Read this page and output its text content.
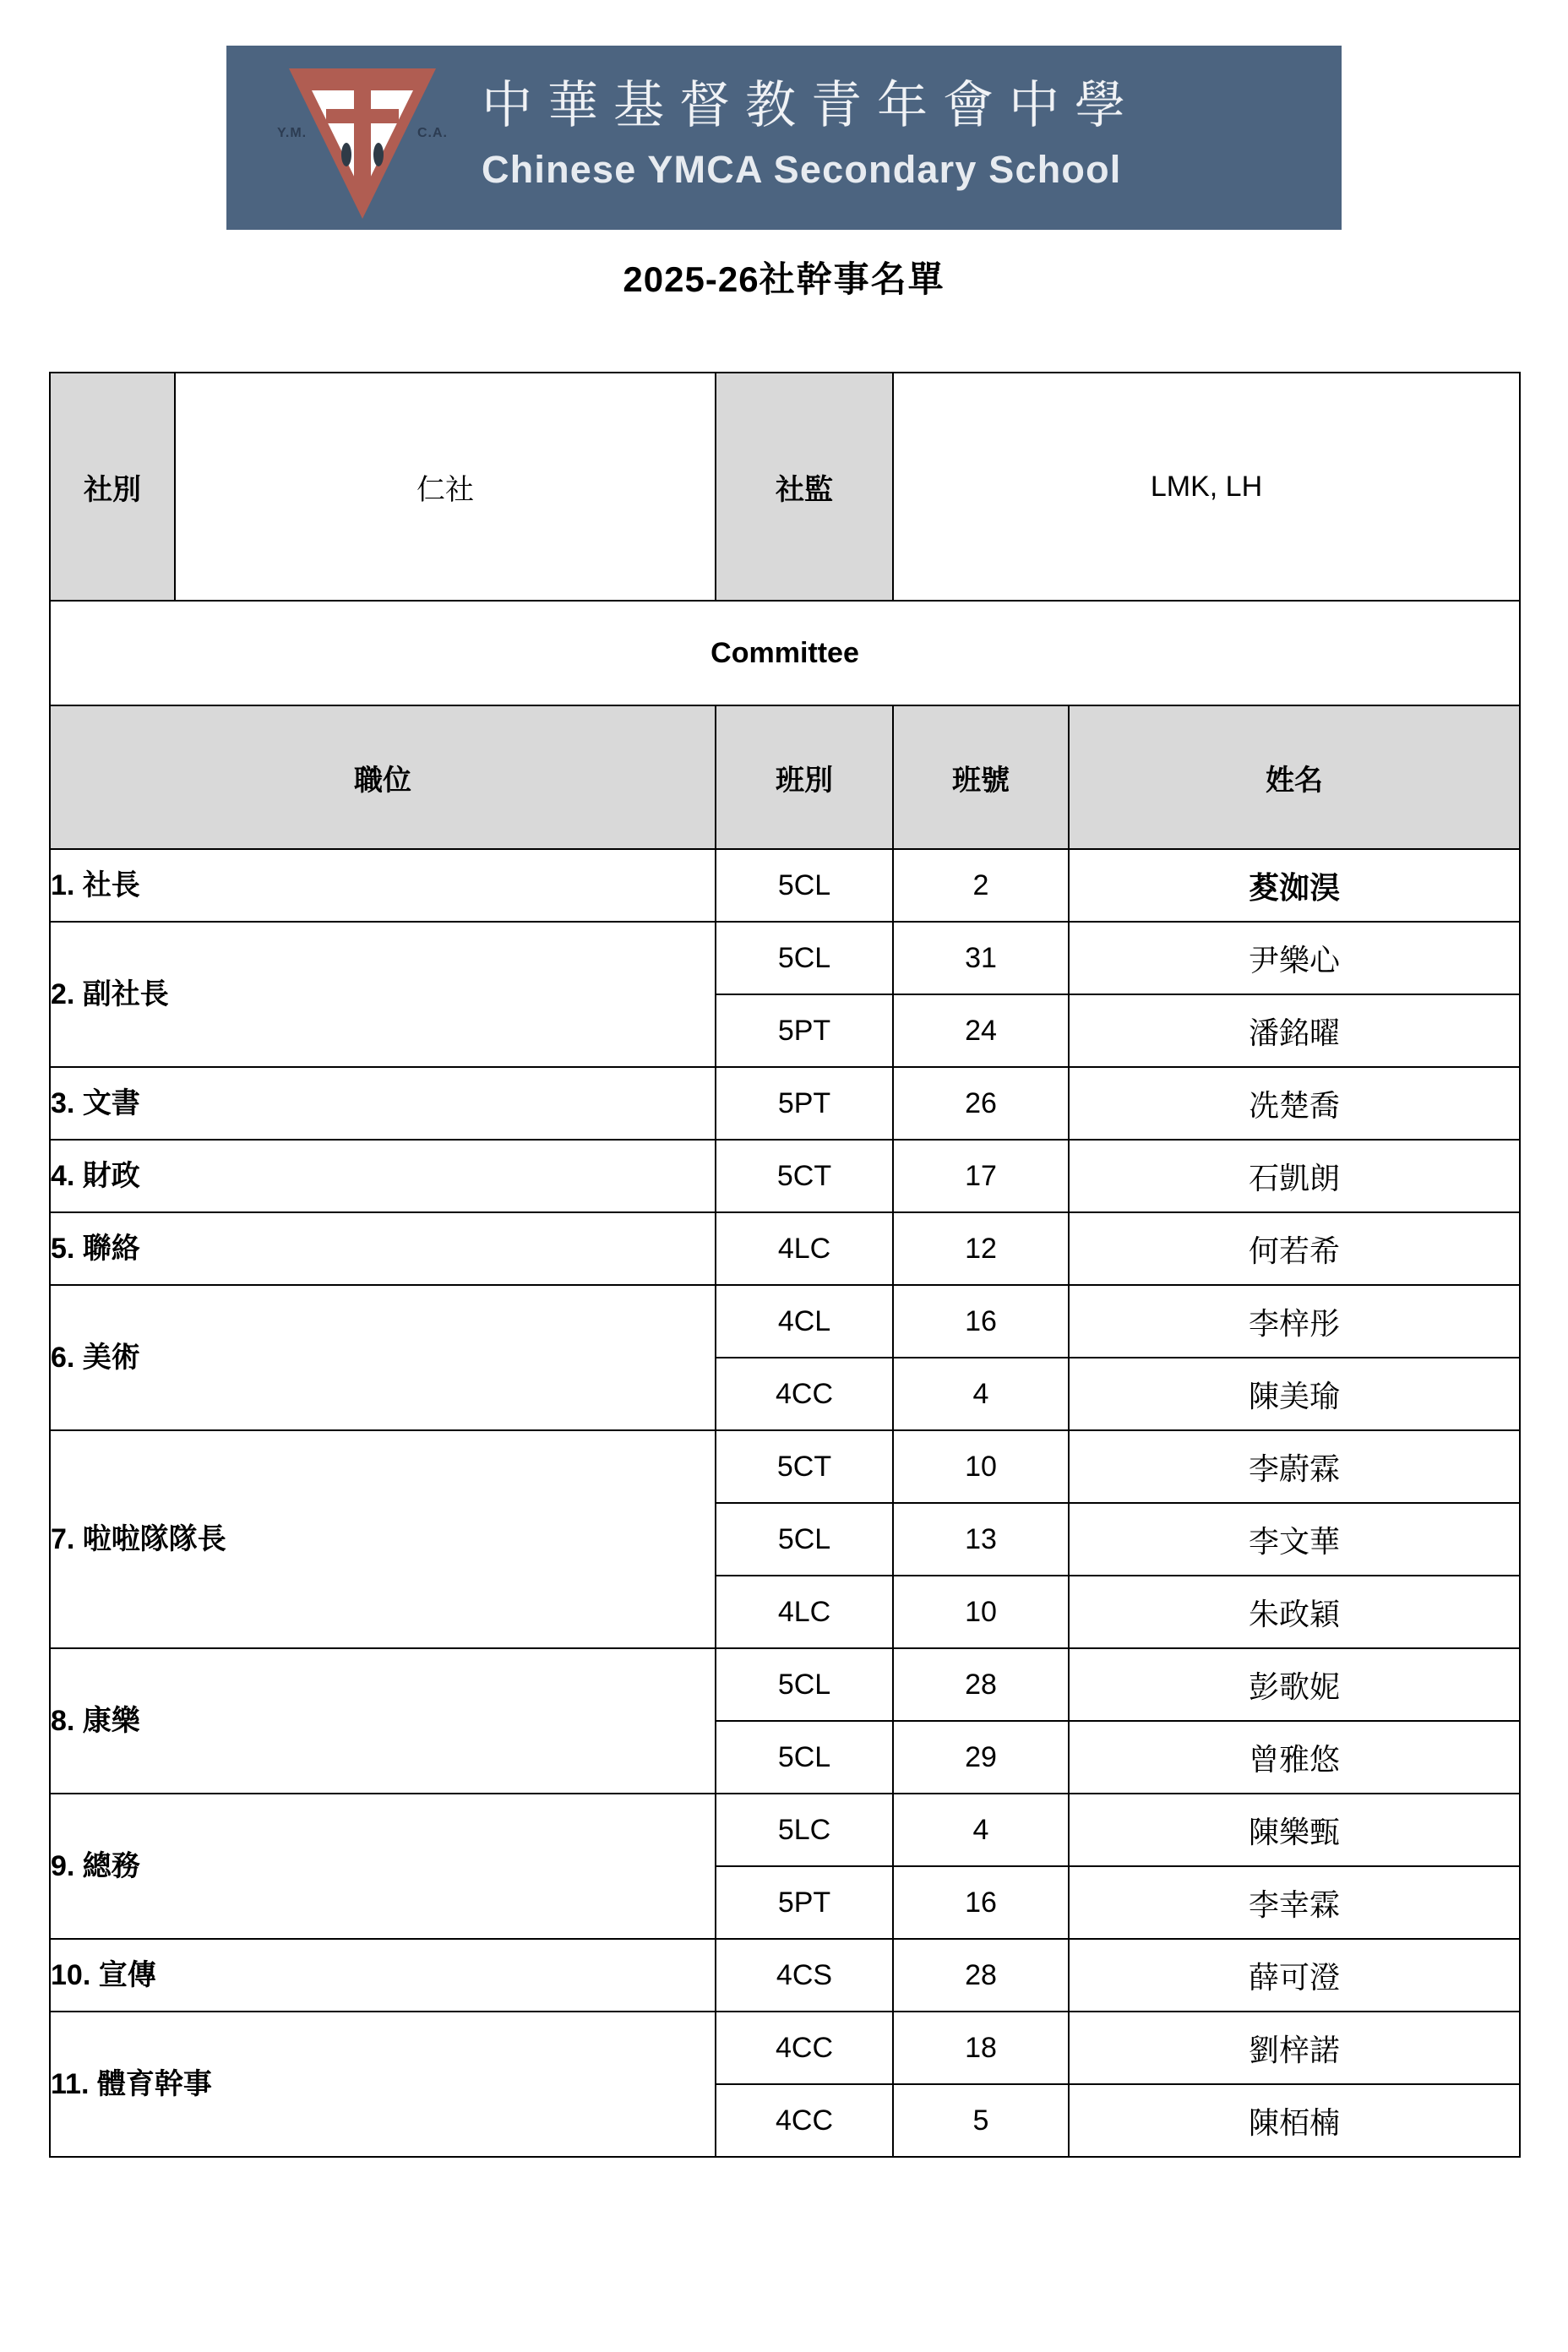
Y.M.	C.A. 中華基督教青年會中學
Chinese YMCA Secondary School
2025-26社幹事名單
社別	仁社	社監	LMK, LH	
Committee				
職位		班別	班號	姓名
1. 社長		5CL	2	荾洳淏
2. 副社長		5CL	31	尹樂心
		5PT	24	潘銘曜
3. 文書		5PT	26	冼楚喬
4. 財政		5CT	17	石凱朗
5. 聯絡		4LC	12	何若希
6. 美術		4CL	16	李梓彤
		4CC	4	陳美瑜
7. 啦啦隊隊長		5CT	10	李蔚霖
		5CL	13	李文華
		4LC	10	朱政穎
8. 康樂		5CL	28	彭歌妮
		5CL	29	曾雅悠
9. 總務		5LC	4	陳樂甄
		5PT	16	李幸霖
10. 宣傳		4CS	28	薛可澄
11. 體育幹事		4CC	18	劉梓諾
		4CC	5	陳栢楠
